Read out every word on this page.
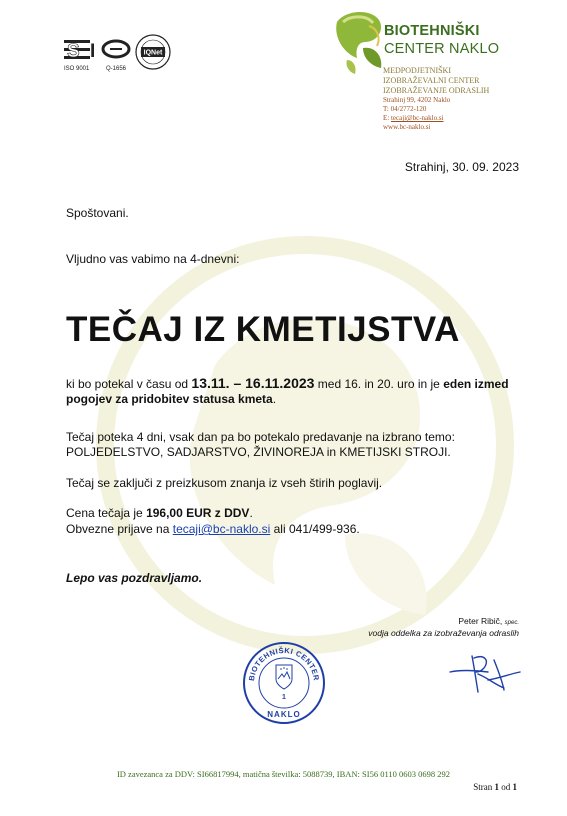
S I
ISO 9001	Q-1656
IQNet
BIOTEHNIŠKI
CENTER NAKLO
MEDPODJETNIŠKI
IZOBRAŽEVALNI CENTER
IZOBRAŽEVANJE ODRASLIH
Strahinj 99, 4202 Naklo
T: 04/2772-120
E: tecaji@bc-naklo.si
www.bc-naklo.si
Strahinj, 30. 09. 2023
Spoštovani.
Vljudno vas vabimo na 4-dnevni:
TEČAJ IZ KMETIJSTVA
ki bo potekal v času od 13.11. – 16.11.2023 med 16. in 20. uro in je eden izmed
pogojev za pridobitev statusa kmeta.
Tečaj poteka 4 dni, vsak dan pa bo potekalo predavanje na izbrano temo:
POLJEDELSTVO, SADJARSTVO, ŽIVINOREJA in KMETIJSKI STROJI.
Tečaj se zaključi z preizkusom znanja iz vseh štirih poglavij.
Cena tečaja je 196,00 EUR z DDV.
Obvezne prijave na tecaji@bc-naklo.si ali 041/499-936.
Lepo vas pozdravljamo.
Peter Ribič, spec.
vodja oddelka za izobraževanja odraslih
BIOTEHNIŠKI CENTER
1
NAKLO
ID zavezanca za DDV: SI66817994, matična številka: 5088739, IBAN: SI56 0110 0603 0698 292
Stran 1 od 1
